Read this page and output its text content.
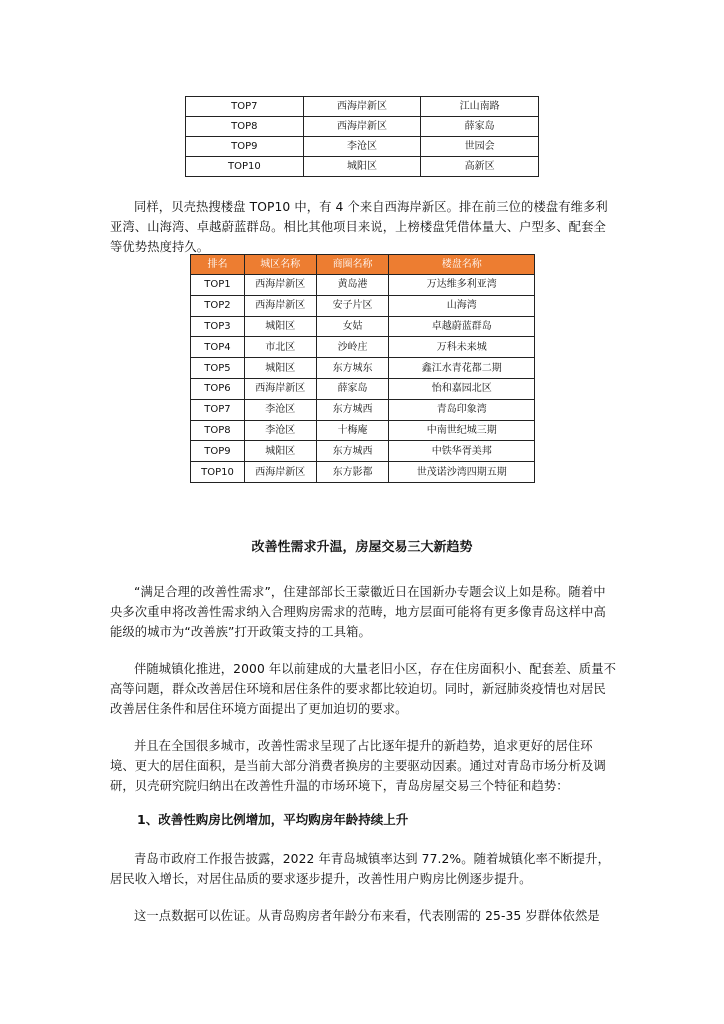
TOP7	西海岸新区	江山南路
TOP8	西海岸新区	薛家岛
TOP9	李沧区	世园会
TOP10	城阳区	高新区

同样，贝壳热搜楼盘 TOP10 中，有 4 个来自西海岸新区。排在前三位的楼盘有维多利亚湾、山海湾、卓越蔚蓝群岛。相比其他项目来说，上榜楼盘凭借体量大、户型多、配套全等优势热度持久。

排名	城区名称	商圈名称	楼盘名称
TOP1	西海岸新区	黄岛港	万达维多利亚湾
TOP2	西海岸新区	安子片区	山海湾
TOP3	城阳区	女姑	卓越蔚蓝群岛
TOP4	市北区	沙岭庄	万科未来城
TOP5	城阳区	东方城东	鑫江水青花都二期
TOP6	西海岸新区	薛家岛	怡和嘉园北区
TOP7	李沧区	东方城西	青岛印象湾
TOP8	李沧区	十梅庵	中南世纪城三期
TOP9	城阳区	东方城西	中铁华胥美邦
TOP10	西海岸新区	东方影都	世茂诺沙湾四期五期
改善性需求升温，房屋交易三大新趋势

“满足合理的改善性需求”，住建部部长王蒙徽近日在国新办专题会议上如是称。随着中央多次重申将改善性需求纳入合理购房需求的范畴，地方层面可能将有更多像青岛这样中高能级的城市为“改善族”打开政策支持的工具箱。

伴随城镇化推进，2000 年以前建成的大量老旧小区，存在住房面积小、配套差、质量不高等问题，群众改善居住环境和居住条件的要求都比较迫切。同时，新冠肺炎疫情也对居民改善居住条件和居住环境方面提出了更加迫切的要求。

并且在全国很多城市，改善性需求呈现了占比逐年提升的新趋势，追求更好的居住环境、更大的居住面积，是当前大部分消费者换房的主要驱动因素。通过对青岛市场分析及调研，贝壳研究院归纳出在改善性升温的市场环境下，青岛房屋交易三个特征和趋势：

1、改善性购房比例增加，平均购房年龄持续上升

青岛市政府工作报告披露，2022 年青岛城镇率达到 77.2%。随着城镇化率不断提升，居民收入增长，对居住品质的要求逐步提升，改善性用户购房比例逐步提升。

这一点数据可以佐证。从青岛购房者年龄分布来看，代表刚需的 25-35 岁群体依然是
